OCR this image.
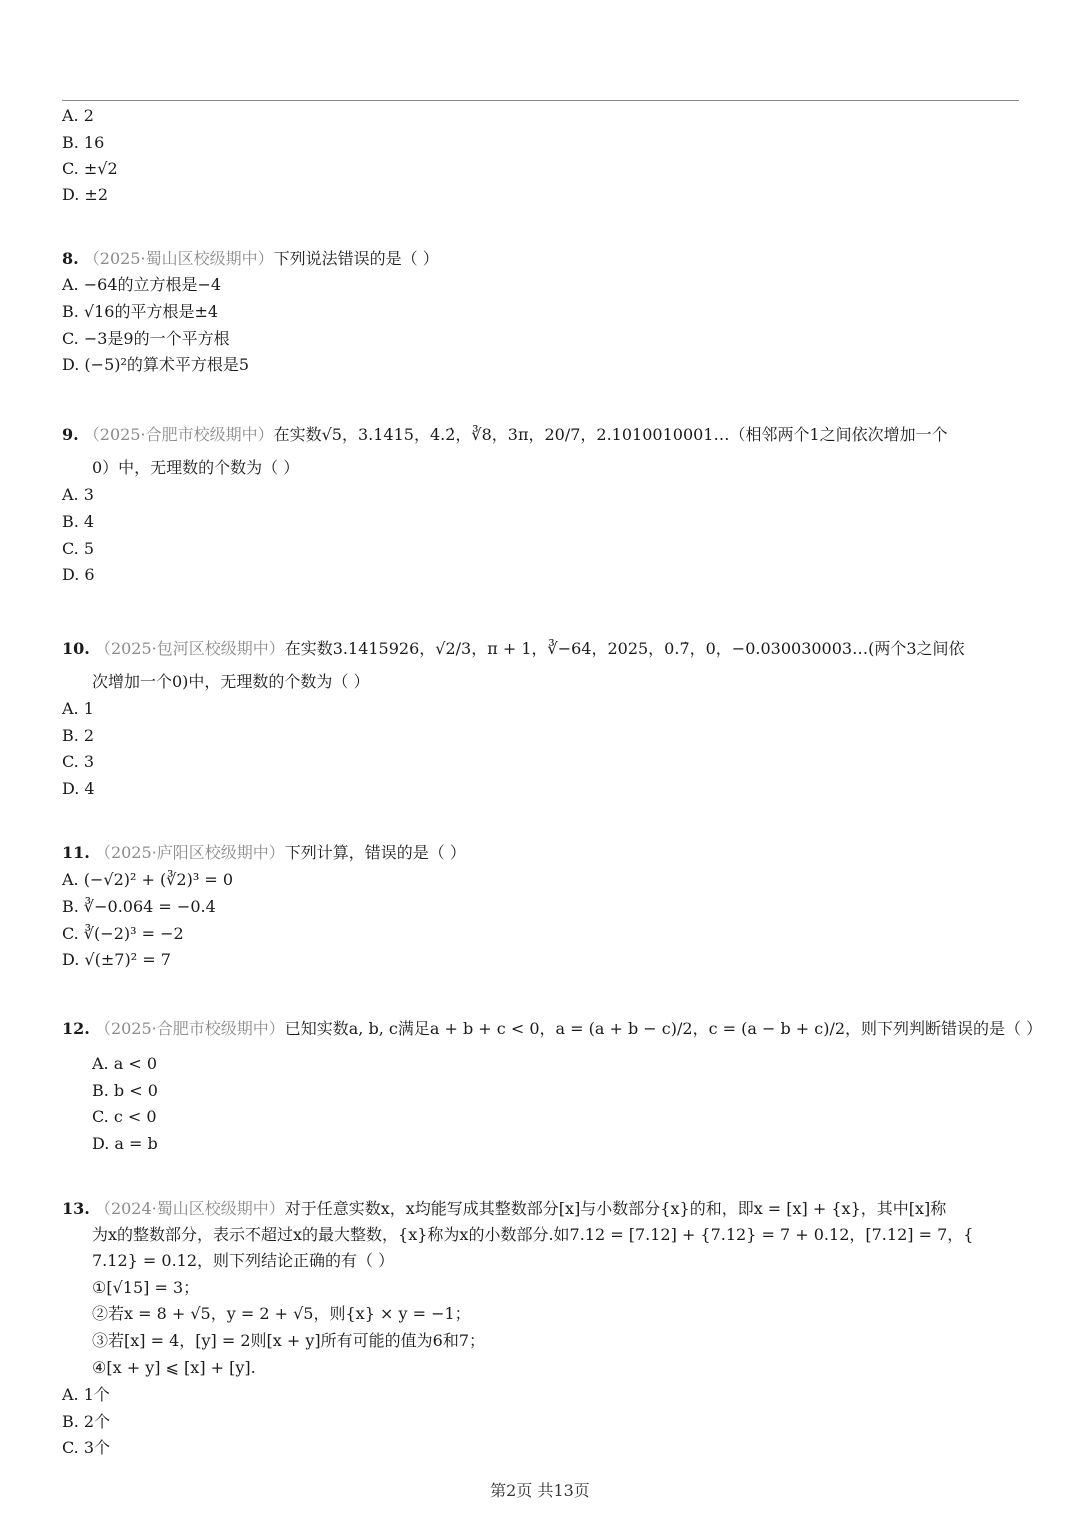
A. 2
B. 16
C. ±√2
D. ±2
8. （2025·蜀山区校级期中）下列说法错误的是（ ）
A. −64的立方根是−4
B. √16的平方根是±4
C. −3是9的一个平方根
D. (−5)²的算术平方根是5
9. （2025·合肥市校级期中）在实数√5，3.1415，4.2̇，∛8，3π，20/7，2.1010010001…（相邻两个1之间依次增加一个
0）中，无理数的个数为（ ）
A. 3
B. 4
C. 5
D. 6
10. （2025·包河区校级期中）在实数3.1415926，√2/3，π + 1，∛−64，2025，0.7̇，0，−0.030030003…(两个3之间依
次增加一个0)中，无理数的个数为（ ）
A. 1
B. 2
C. 3
D. 4
11. （2025·庐阳区校级期中）下列计算，错误的是（ ）
A. (−√2)² + (∛2)³ = 0
B. ∛−0.064 = −0.4
C. ∛(−2)³ = −2
D. √(±7)² = 7
12. （2025·合肥市校级期中）已知实数a, b, c满足a + b + c < 0，a = (a + b − c)/2，c = (a − b + c)/2，则下列判断错误的是（ ）
A. a < 0
B. b < 0
C. c < 0
D. a = b
13. （2024·蜀山区校级期中）对于任意实数x，x均能写成其整数部分[x]与小数部分{x}的和，即x = [x] + {x}，其中[x]称
为x的整数部分，表示不超过x的最大整数，{x}称为x的小数部分.如7.12 = [7.12] + {7.12} = 7 + 0.12，[7.12] = 7，{
7.12} = 0.12，则下列结论正确的有（ ）
①[√15] = 3；
②若x = 8 + √5，y = 2 + √5，则{x} × y = −1；
③若[x] = 4，[y] = 2则[x + y]所有可能的值为6和7；
④[x + y] ⩽ [x] + [y].
A. 1个
B. 2个
C. 3个
第2页 共13页
